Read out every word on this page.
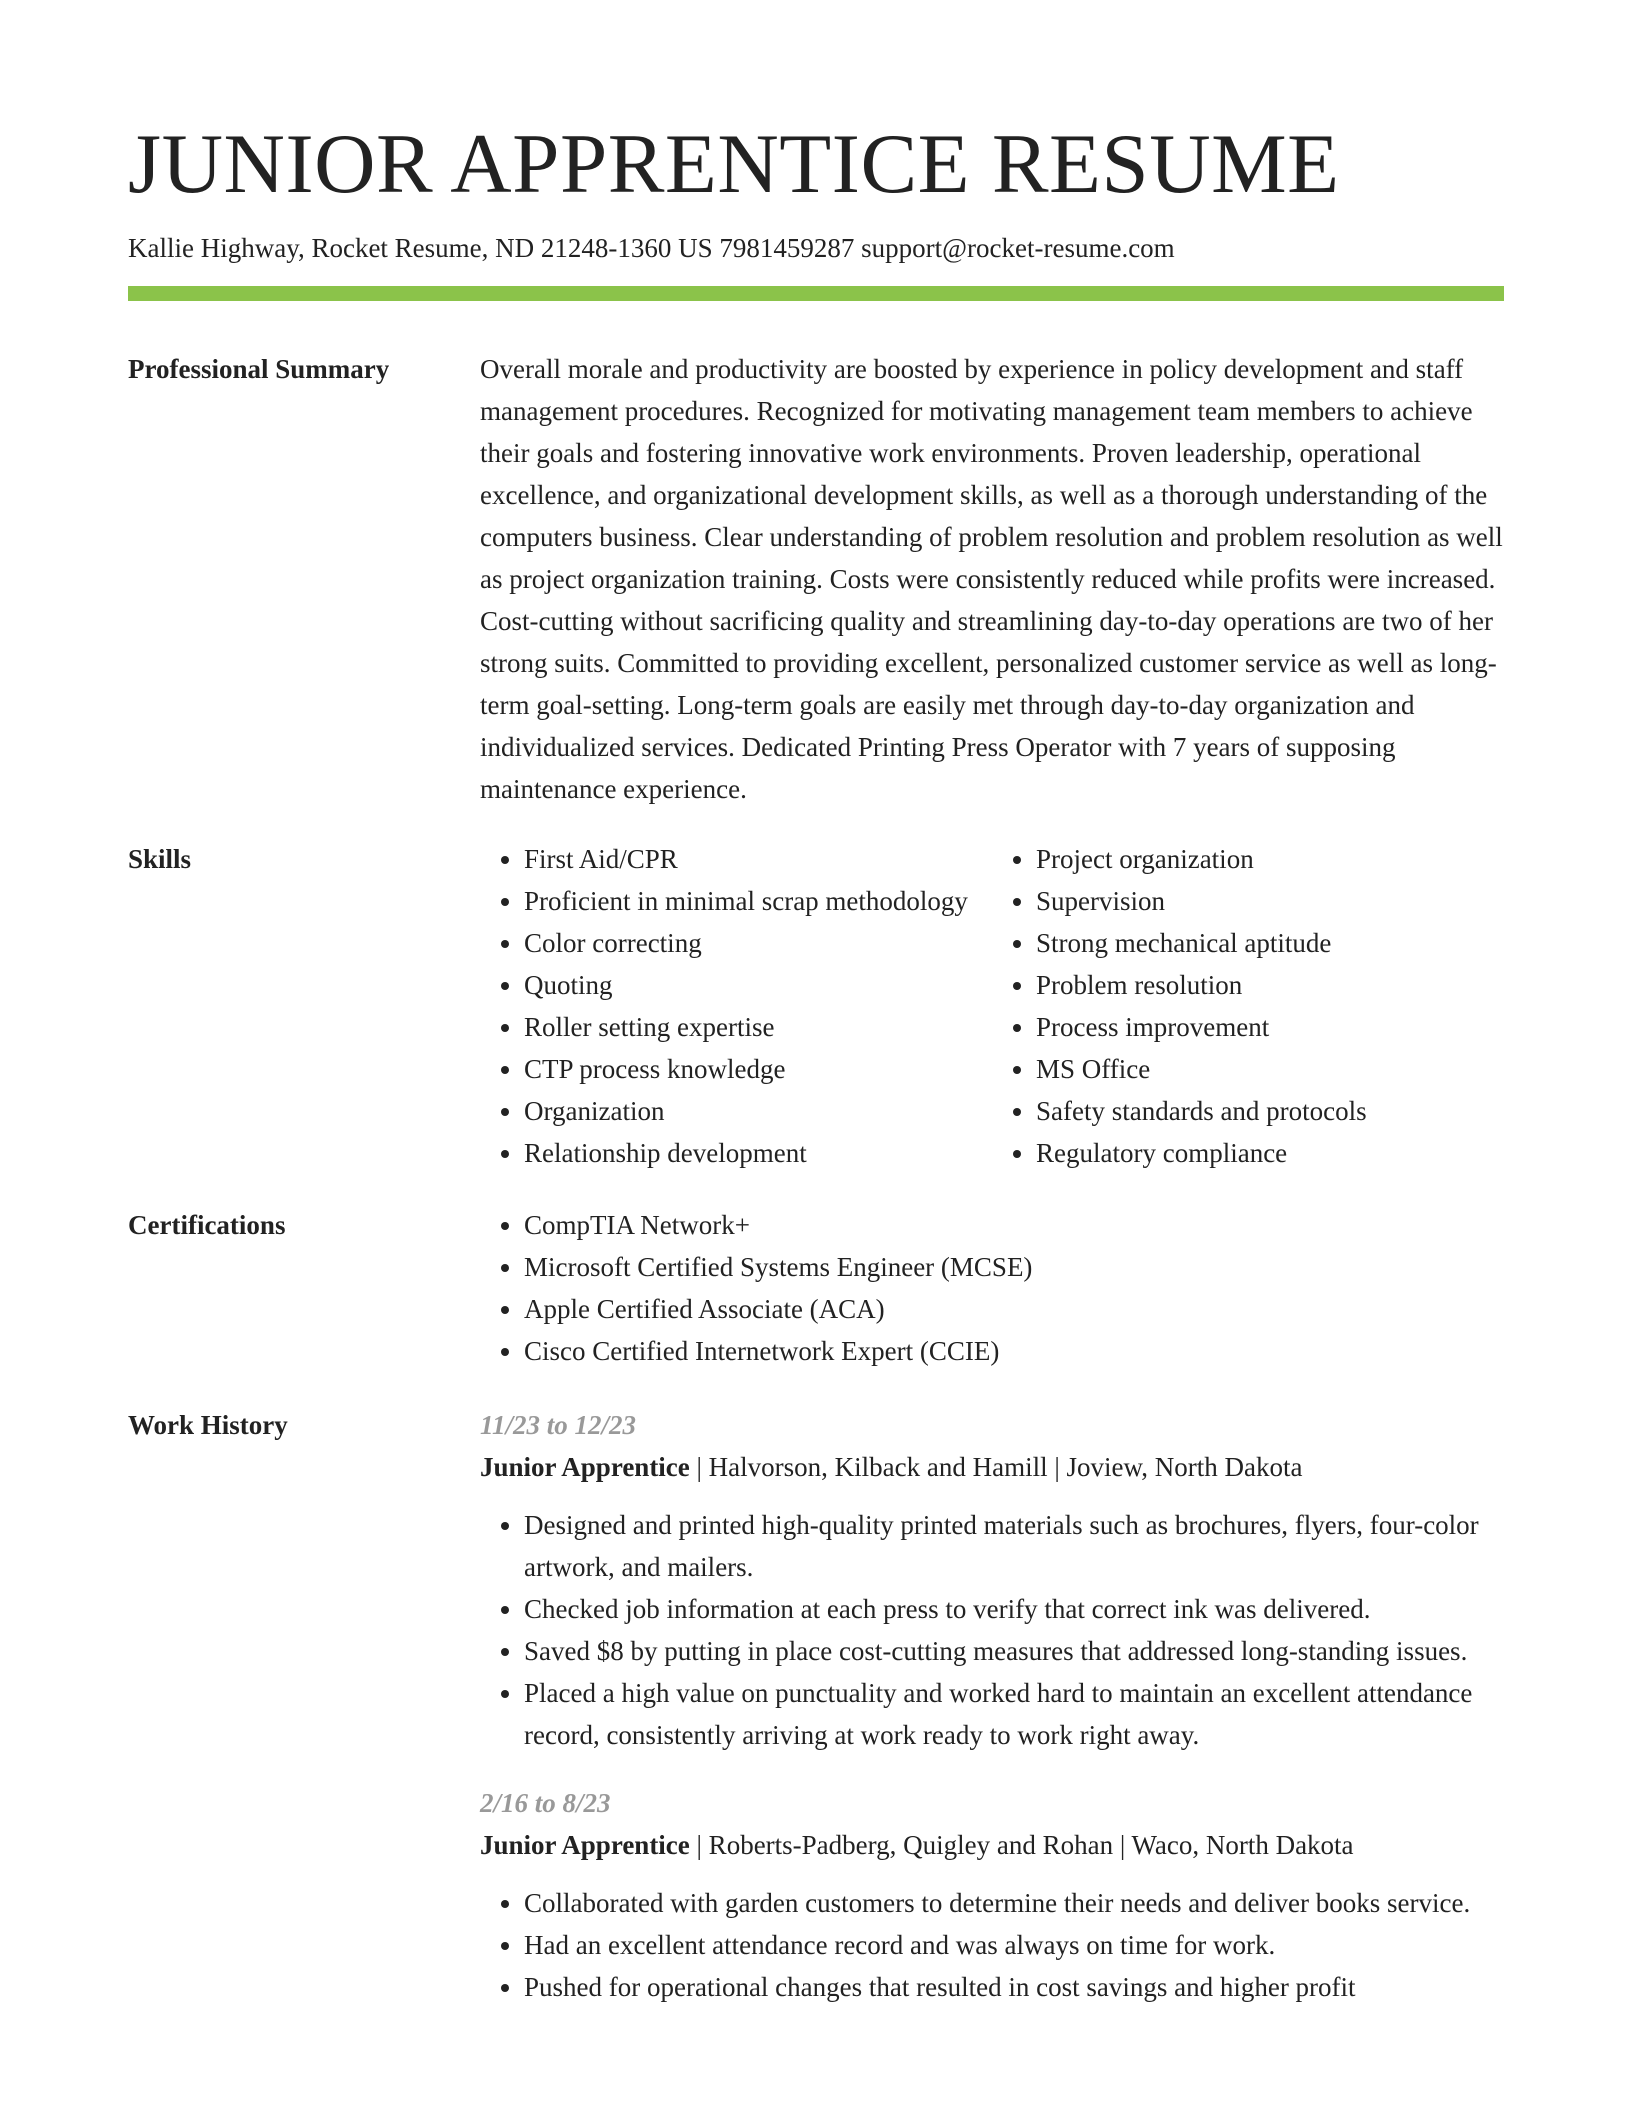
JUNIOR APPRENTICE RESUME
Kallie Highway, Rocket Resume, ND 21248-1360 US 7981459287 support@rocket-resume.com
Professional Summary	Overall morale and productivity are boosted by experience in policy development and staff management procedures. Recognized for motivating management team members to achieve their goals and fostering innovative work environments. Proven leadership, operational excellence, and organizational development skills, as well as a thorough understanding of the computers business. Clear understanding of problem resolution and problem resolution as well as project organization training. Costs were consistently reduced while profits were increased. Cost-cutting without sacrificing quality and streamlining day-to-day operations are two of her strong suits. Committed to providing excellent, personalized customer service as well as long-term goal-setting. Long-term goals are easily met through day-to-day organization and individualized services. Dedicated Printing Press Operator with 7 years of supposing maintenance experience.

Skills	• First Aid/CPR
• Proficient in minimal scrap methodology
• Color correcting
• Quoting
• Roller setting expertise
• CTP process knowledge
• Organization
• Relationship development
• Project organization
• Supervision
• Strong mechanical aptitude
• Problem resolution
• Process improvement
• MS Office
• Safety standards and protocols
• Regulatory compliance
Certifications	• CompTIA Network+
• Microsoft Certified Systems Engineer (MCSE)
• Apple Certified Associate (ACA)
• Cisco Certified Internetwork Expert (CCIE)
Work History	11/23 to 12/23
Junior Apprentice | Halvorson, Kilback and Hamill | Joview, North Dakota
• Designed and printed high-quality printed materials such as brochures, flyers, four-color artwork, and mailers.
• Checked job information at each press to verify that correct ink was delivered.
• Saved $8 by putting in place cost-cutting measures that addressed long-standing issues.
• Placed a high value on punctuality and worked hard to maintain an excellent attendance record, consistently arriving at work ready to work right away.
2/16 to 8/23
Junior Apprentice | Roberts-Padberg, Quigley and Rohan | Waco, North Dakota
• Collaborated with garden customers to determine their needs and deliver books service.
• Had an excellent attendance record and was always on time for work.
• Pushed for operational changes that resulted in cost savings and higher profit
